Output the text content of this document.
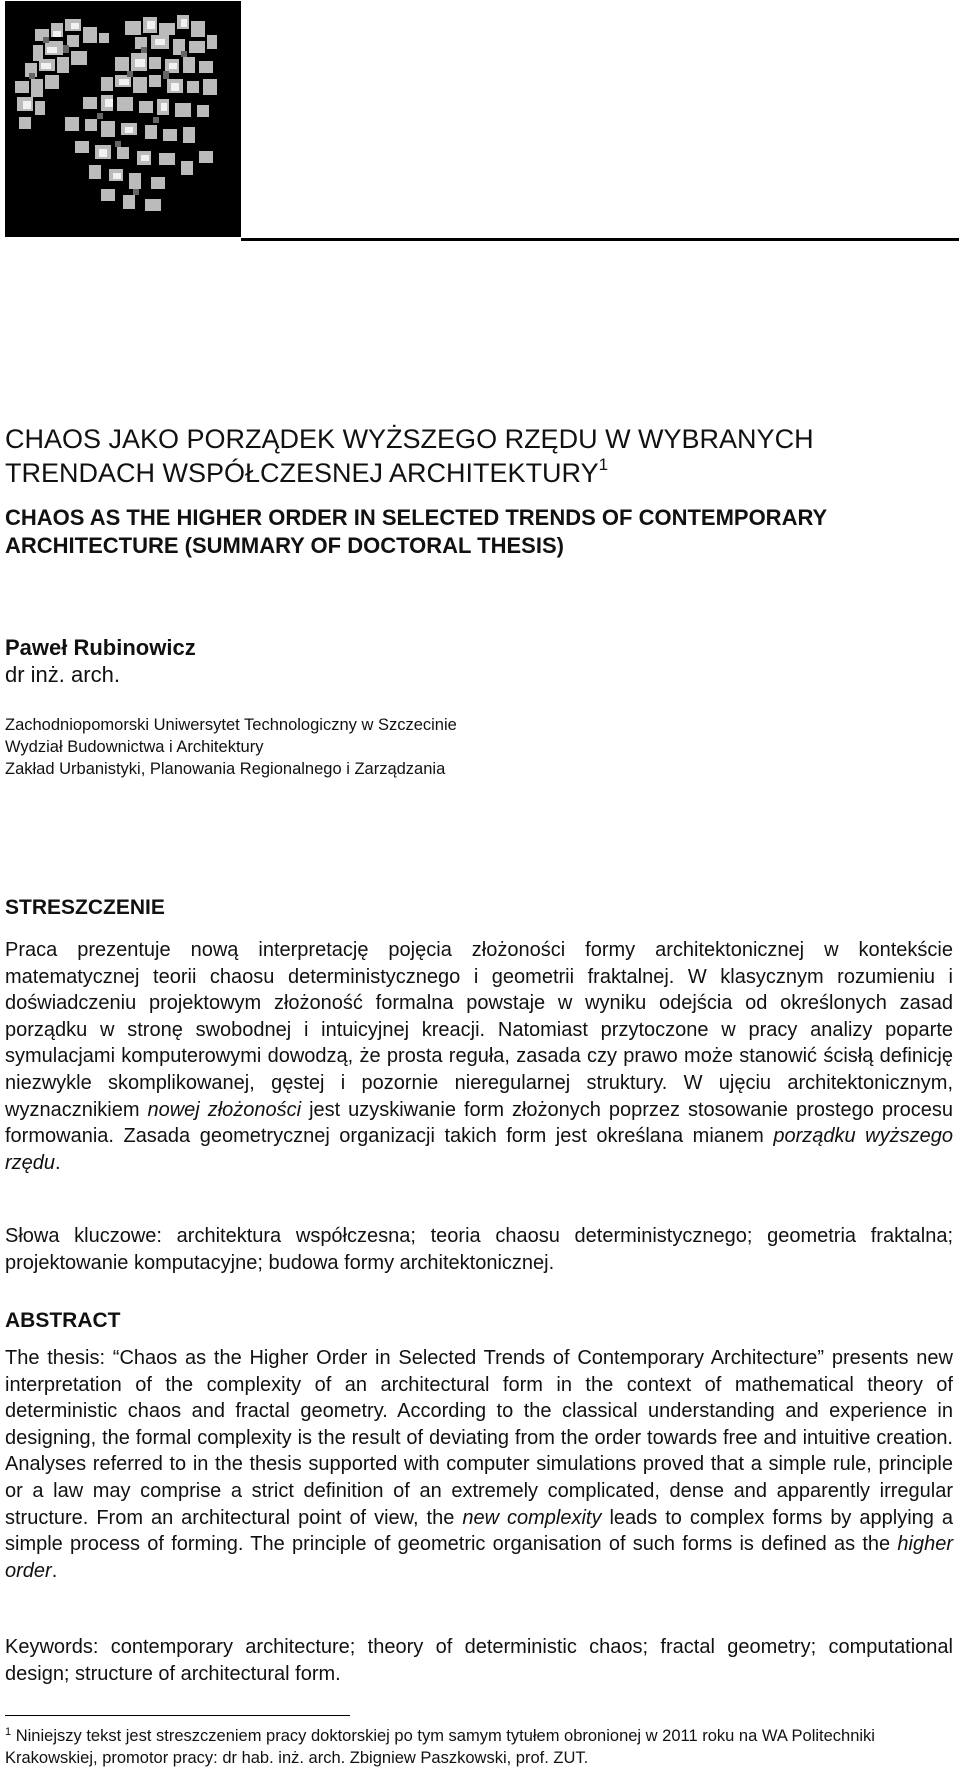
CHAOS JAKO PORZĄDEK WYŻSZEGO RZĘDU W WYBRANYCH TRENDACH WSPÓŁCZESNEJ ARCHITEKTURY$^1$
CHAOS AS THE HIGHER ORDER IN SELECTED TRENDS OF CONTEMPORARY ARCHITECTURE (SUMMARY OF DOCTORAL THESIS)
Paweł Rubinowicz
dr inż. arch.
Zachodniopomorski Uniwersytet Technologiczny w Szczecinie
Wydział Budownictwa i Architektury
Zakład Urbanistyki, Planowania Regionalnego i Zarządzania
STRESZCZENIE

Praca prezentuje nową interpretację pojęcia złożoności formy architektonicznej w kontekście matematycznej teorii chaosu deterministycznego i geometrii fraktalnej. W klasycznym rozumieniu i doświadczeniu projektowym złożoność formalna powstaje w wyniku odejścia od określonych zasad porządku w stronę swobodnej i intuicyjnej kreacji. Natomiast przytoczone w pracy analizy poparte symulacjami komputerowymi dowodzą, że prosta reguła, zasada czy prawo może stanowić ścisłą definicję niezwykle skomplikowanej, gęstej i pozornie nieregularnej struktury. W ujęciu architektonicznym, wyznacznikiem nowej złożoności jest uzyskiwanie form złożonych poprzez stosowanie prostego procesu formowania. Zasada geometrycznej organizacji takich form jest określana mianem porządku wyższego rzędu.

Słowa kluczowe: architektura współczesna; teoria chaosu deterministycznego; geometria fraktalna; projektowanie komputacyjne; budowa formy architektonicznej.

ABSTRACT

The thesis: “Chaos as the Higher Order in Selected Trends of Contemporary Architecture” presents new interpretation of the complexity of an architectural form in the context of mathematical theory of deterministic chaos and fractal geometry. According to the classical understanding and experience in designing, the formal complexity is the result of deviating from the order towards free and intuitive creation. Analyses referred to in the thesis supported with computer simulations proved that a simple rule, principle or a law may comprise a strict definition of an extremely complicated, dense and apparently irregular structure. From an architectural point of view, the new complexity leads to complex forms by applying a simple process of forming. The principle of geometric organisation of such forms is defined as the higher order.

Keywords: contemporary architecture; theory of deterministic chaos; fractal geometry; computational design; structure of architectural form.

$^1$ Niniejszy tekst jest streszczeniem pracy doktorskiej po tym samym tytułem obronionej w 2011 roku na WA Politechniki Krakowskiej, promotor pracy: dr hab. inż. arch. Zbigniew Paszkowski, prof. ZUT.
